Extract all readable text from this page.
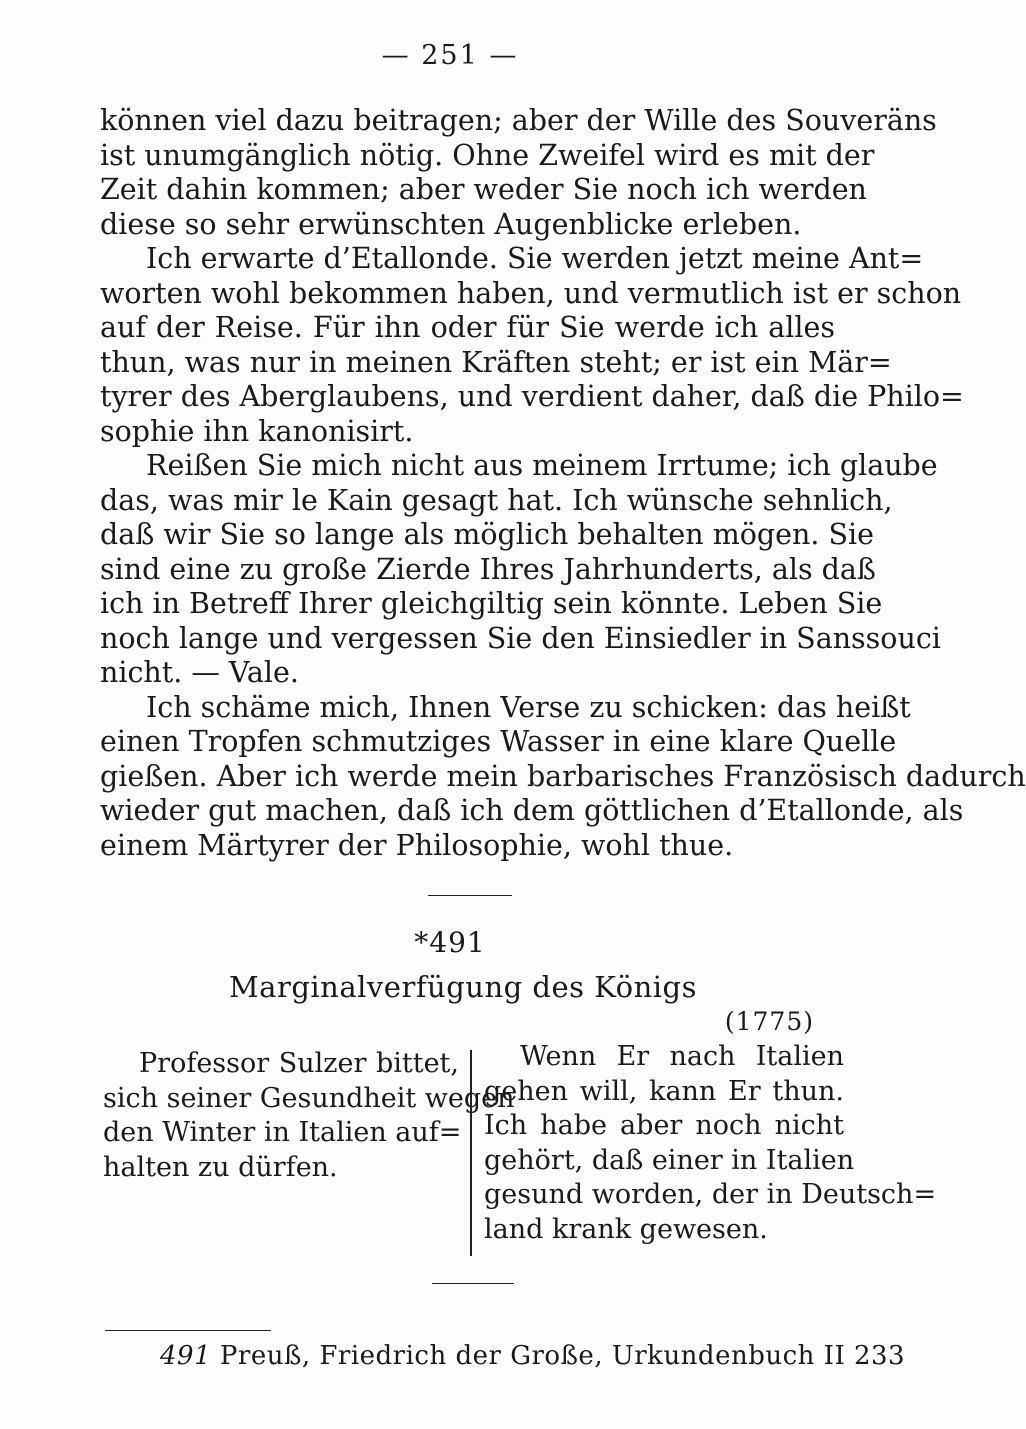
— 251 —
können viel dazu beitragen; aber der Wille des Souveräns
ist unumgänglich nötig. Ohne Zweifel wird es mit der
Zeit dahin kommen; aber weder Sie noch ich werden
diese so sehr erwünschten Augenblicke erleben.
Ich erwarte d’Etallonde. Sie werden jetzt meine Ant=
worten wohl bekommen haben, und vermutlich ist er schon
auf der Reise. Für ihn oder für Sie werde ich alles
thun, was nur in meinen Kräften steht; er ist ein Mär=
tyrer des Aberglaubens, und verdient daher, daß die Philo=
sophie ihn kanonisirt.
Reißen Sie mich nicht aus meinem Irrtume; ich glaube
das, was mir le Kain gesagt hat. Ich wünsche sehnlich,
daß wir Sie so lange als möglich behalten mögen. Sie
sind eine zu große Zierde Ihres Jahrhunderts, als daß
ich in Betreff Ihrer gleichgiltig sein könnte. Leben Sie
noch lange und vergessen Sie den Einsiedler in Sanssouci
nicht. — Vale.
Ich schäme mich, Ihnen Verse zu schicken: das heißt
einen Tropfen schmutziges Wasser in eine klare Quelle
gießen. Aber ich werde mein barbarisches Französisch dadurch
wieder gut machen, daß ich dem göttlichen d’Etallonde, als
einem Märtyrer der Philosophie, wohl thue.
*491
Marginalverfügung des Königs
(1775)
Professor Sulzer bittet,
sich seiner Gesundheit wegen
den Winter in Italien auf=
halten zu dürfen.
Wenn Er nach Italien
gehen will, kann Er thun.
Ich habe aber noch nicht
gehört, daß einer in Italien
gesund worden, der in Deutsch=
land krank gewesen.
491 Preuß, Friedrich der Große, Urkundenbuch II 233
